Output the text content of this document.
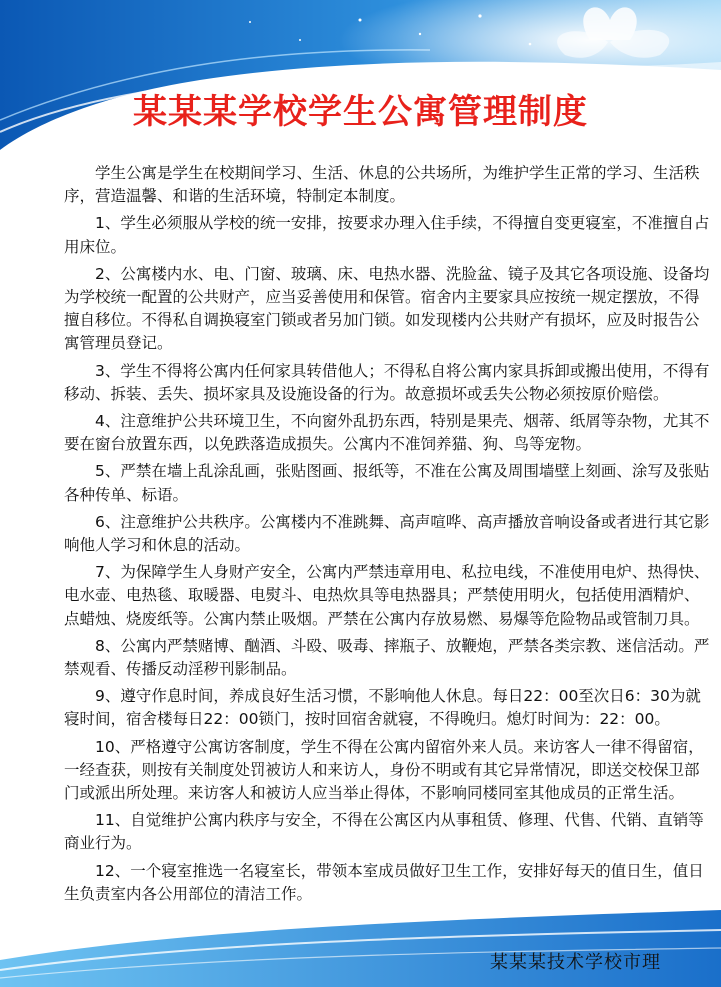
某某某学校学生公寓管理制度

学生公寓是学生在校期间学习、生活、休息的公共场所，为维护学生正常的学习、生活秩序，营造温馨、和谐的生活环境，特制定本制度。

1、学生必须服从学校的统一安排，按要求办理入住手续，不得擅自变更寝室，不准擅自占用床位。

2、公寓楼内水、电、门窗、玻璃、床、电热水器、洗脸盆、镜子及其它各项设施、设备均为学校统一配置的公共财产，应当妥善使用和保管。宿舍内主要家具应按统一规定摆放，不得擅自移位。不得私自调换寝室门锁或者另加门锁。如发现楼内公共财产有损坏，应及时报告公寓管理员登记。

3、学生不得将公寓内任何家具转借他人；不得私自将公寓内家具拆卸或搬出使用，不得有移动、拆装、丢失、损坏家具及设施设备的行为。故意损坏或丢失公物必须按原价赔偿。

4、注意维护公共环境卫生，不向窗外乱扔东西，特别是果壳、烟蒂、纸屑等杂物，尤其不要在窗台放置东西，以免跌落造成损失。公寓内不准饲养猫、狗、鸟等宠物。

5、严禁在墙上乱涂乱画，张贴图画、报纸等，不准在公寓及周围墙壁上刻画、涂写及张贴各种传单、标语。

6、注意维护公共秩序。公寓楼内不准跳舞、高声喧哗、高声播放音响设备或者进行其它影响他人学习和休息的活动。

7、为保障学生人身财产安全，公寓内严禁违章用电、私拉电线，不准使用电炉、热得快、电水壶、电热毯、取暖器、电熨斗、电热炊具等电热器具；严禁使用明火，包括使用酒精炉、点蜡烛、烧废纸等。公寓内禁止吸烟。严禁在公寓内存放易燃、易爆等危险物品或管制刀具。

8、公寓内严禁赌博、酗酒、斗殴、吸毒、摔瓶子、放鞭炮，严禁各类宗教、迷信活动。严禁观看、传播反动淫秽刊影制品。

9、遵守作息时间，养成良好生活习惯，不影响他人休息。每日22：00至次日6：30为就寝时间，宿舍楼每日22：00锁门，按时回宿舍就寝，不得晚归。熄灯时间为：22：00。

10、严格遵守公寓访客制度，学生不得在公寓内留宿外来人员。来访客人一律不得留宿，一经查获，则按有关制度处罚被访人和来访人，身份不明或有其它异常情况，即送交校保卫部门或派出所处理。来访客人和被访人应当举止得体，不影响同楼同室其他成员的正常生活。

11、自觉维护公寓内秩序与安全，不得在公寓区内从事租赁、修理、代售、代销、直销等商业行为。

12、一个寝室推选一名寝室长，带领本室成员做好卫生工作，安排好每天的值日生，值日生负责室内各公用部位的清洁工作。

某某某技术学校市理
